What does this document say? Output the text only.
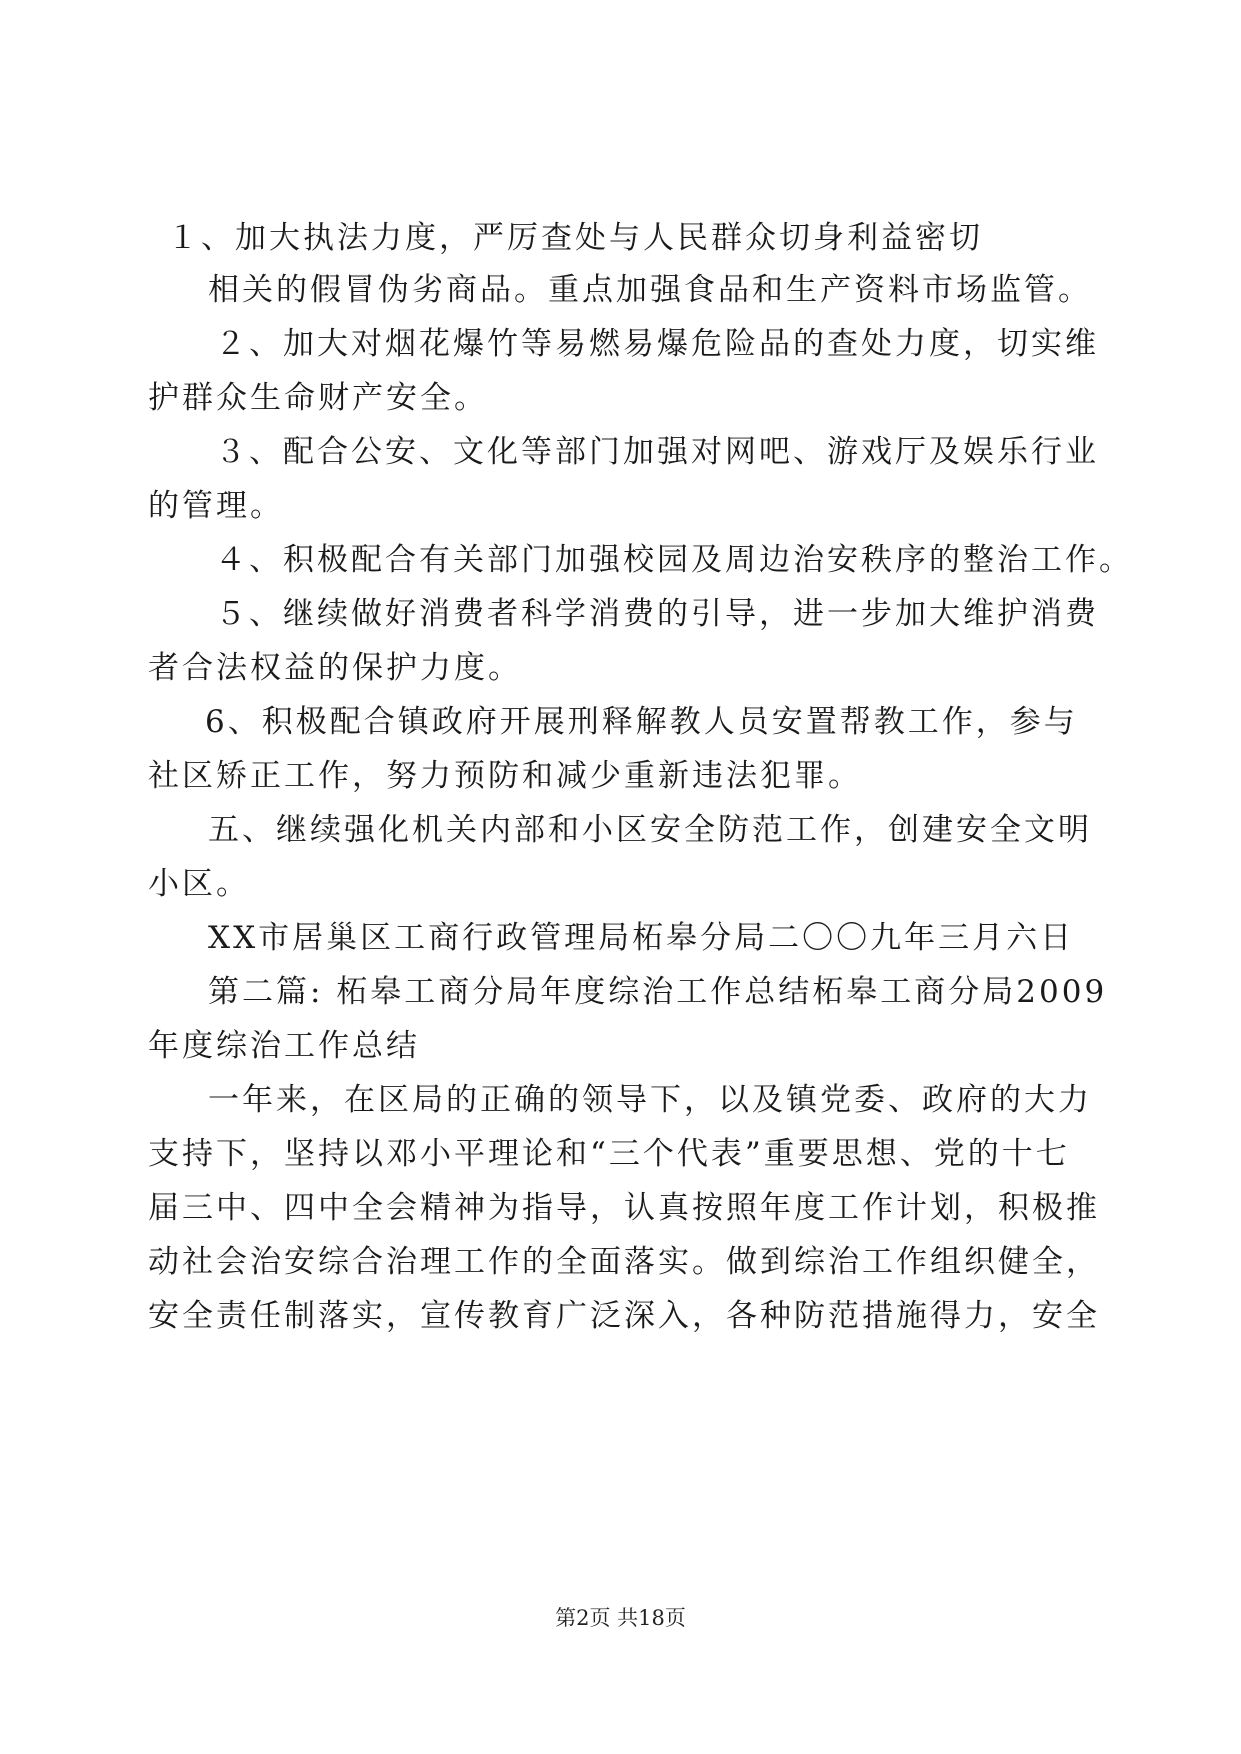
１、加大执法力度，严厉查处与人民群众切身利益密切
相关的假冒伪劣商品。重点加强食品和生产资料市场监管。
２、加大对烟花爆竹等易燃易爆危险品的查处力度，切实维
护群众生命财产安全。
３、配合公安、文化等部门加强对网吧、游戏厅及娱乐行业
的管理。
４、积极配合有关部门加强校园及周边治安秩序的整治工作。
５、继续做好消费者科学消费的引导，进一步加大维护消费
者合法权益的保护力度。
6、积极配合镇政府开展刑释解教人员安置帮教工作，参与
社区矫正工作，努力预防和减少重新违法犯罪。
五、继续强化机关内部和小区安全防范工作，创建安全文明
小区。
XX市居巢区工商行政管理局柘皋分局二〇〇九年三月六日
第二篇: 柘皋工商分局年度综治工作总结柘皋工商分局2009
年度综治工作总结
一年来，在区局的正确的领导下，以及镇党委、政府的大力
支持下，坚持以邓小平理论和“三个代表”重要思想、党的十七
届三中、四中全会精神为指导，认真按照年度工作计划，积极推
动社会治安综合治理工作的全面落实。做到综治工作组织健全，
安全责任制落实，宣传教育广泛深入，各种防范措施得力，安全
第2页 共18页
